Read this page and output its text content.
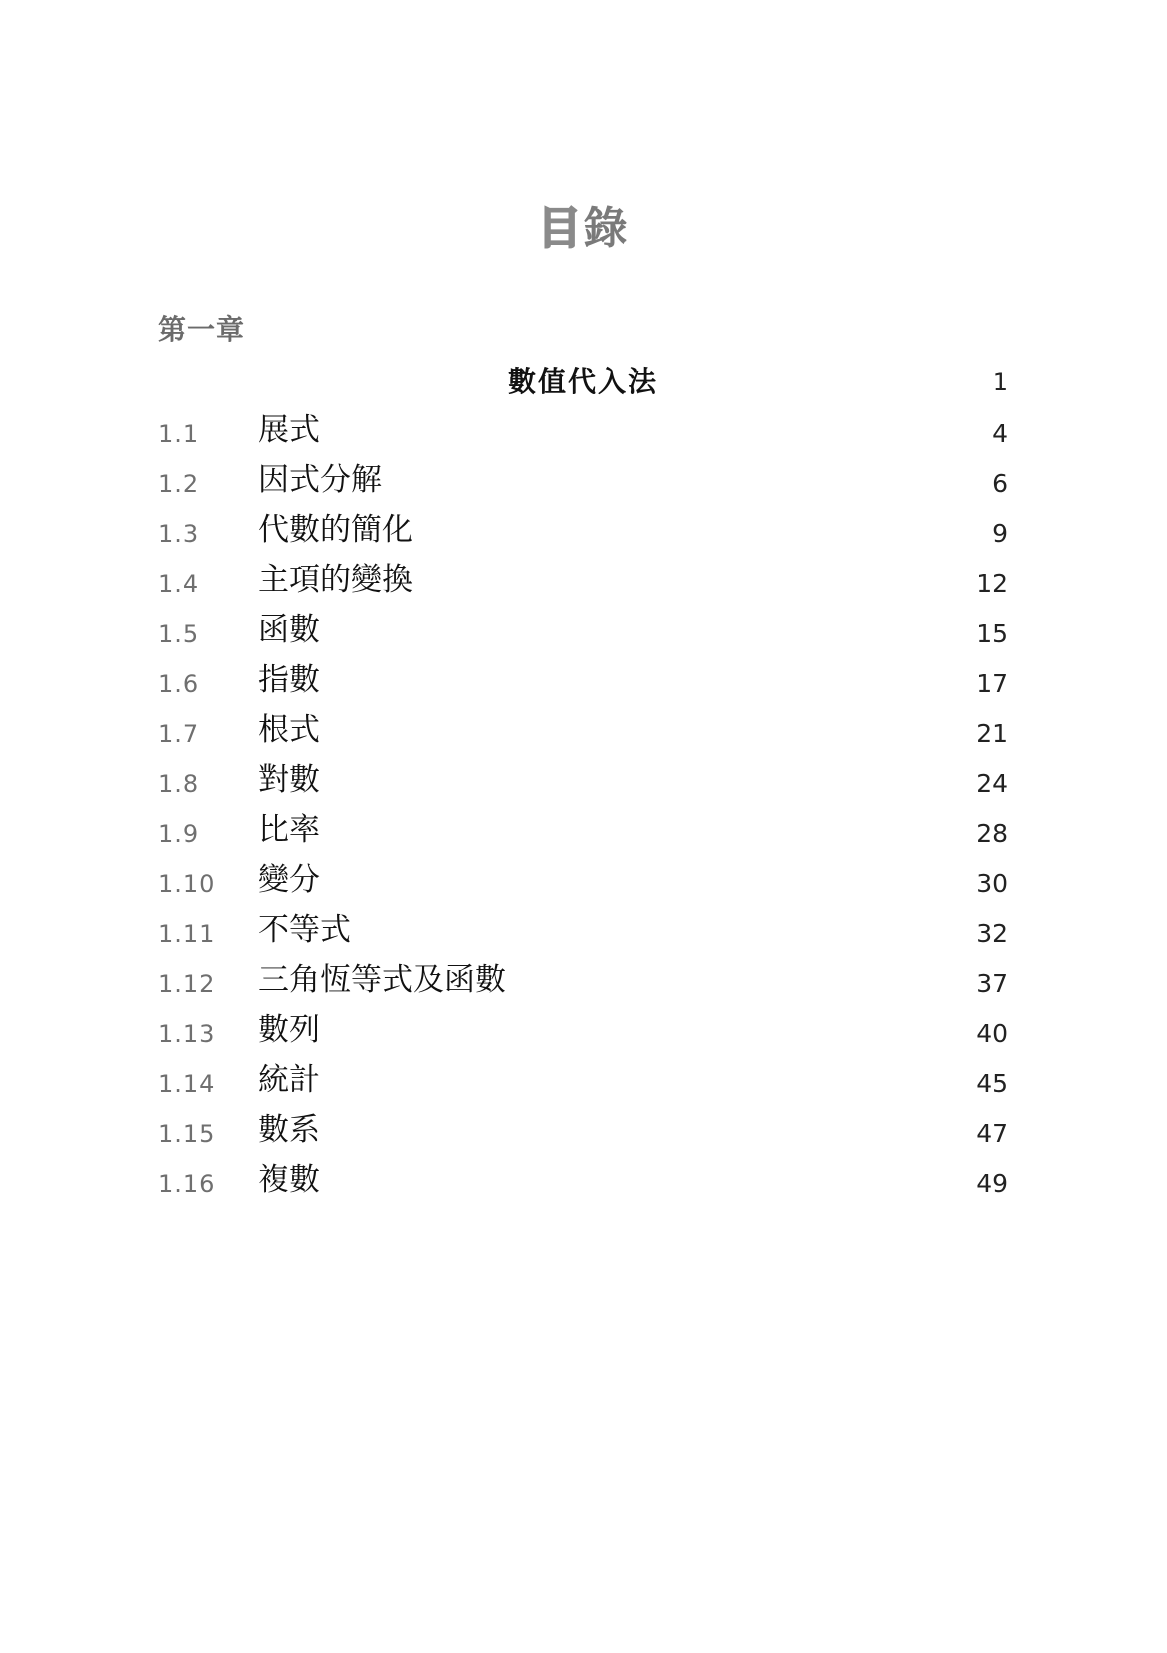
目錄
第一章
數值代入法	1
1.1 展式	4
1.2 因式分解	6
1.3 代數的簡化	9
1.4 主項的變換	12
1.5 函數	15
1.6 指數	17
1.7 根式	21
1.8 對數	24
1.9 比率	28
1.10 變分	30
1.11 不等式	32
1.12 三角恆等式及函數	37
1.13 數列	40
1.14 統計	45
1.15 數系	47
1.16 複數	49
